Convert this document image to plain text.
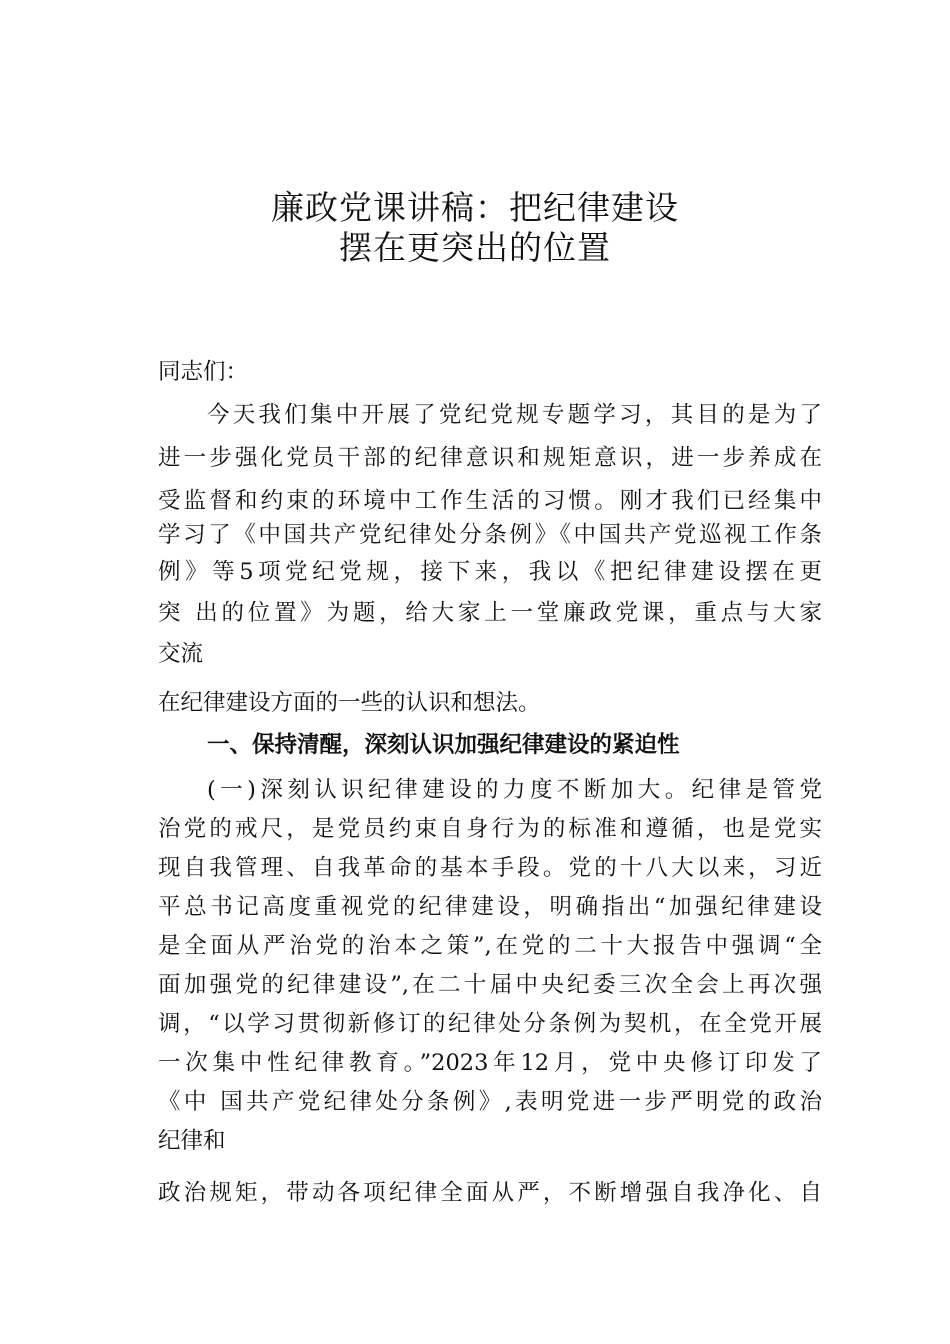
廉政党课讲稿：把纪律建设
摆在更突出的位置
同志们：
今天我们集中开展了党纪党规专题学习，其目的是为了
进一步强化党员干部的纪律意识和规矩意识，进一步养成在
受监督和约束的环境中工作生活的习惯。刚才我们已经集中
学习了《中国共产党纪律处分条例》《中国共产党巡视工作条
例》等5项党纪党规，接下来，我以《把纪律建设摆在更
突 出的位置》为题，给大家上一堂廉政党课，重点与大家
交流
在纪律建设方面的一些的认识和想法。
一、保持清醒，深刻认识加强纪律建设的紧迫性
(一)深刻认识纪律建设的力度不断加大。纪律是管党
治党的戒尺，是党员约束自身行为的标准和遵循，也是党实
现自我管理、自我革命的基本手段。党的十八大以来，习近
平总书记高度重视党的纪律建设，明确指出“加强纪律建设
是全面从严治党的治本之策”,在党的二十大报告中强调“全
面加强党的纪律建设”,在二十届中央纪委三次全会上再次强
调，“以学习贯彻新修订的纪律处分条例为契机，在全党开展
一次集中性纪律教育。”2023年12月，党中央修订印发了
《中 国共产党纪律处分条例》,表明党进一步严明党的政治
纪律和
政治规矩，带动各项纪律全面从严，不断增强自我净化、自
